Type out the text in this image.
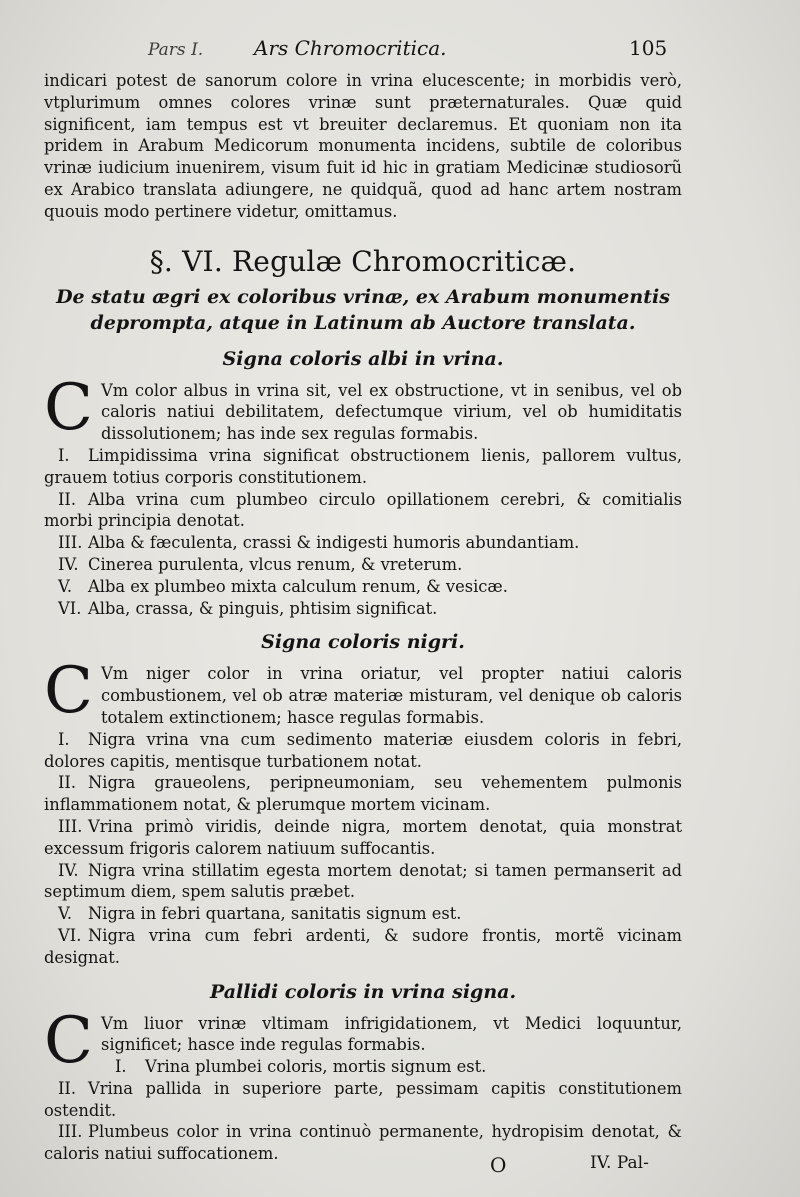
Pars I.	Ars Chromocritica.	105

indicari potest de sanorum colore in vrina elucescente; in morbidis verò, vtplurimum omnes colores vrinæ sunt præternaturales. Quæ quid significent, iam tempus est vt breuiter declaremus. Et quoniam non ita pridem in Arabum Medicorum monumenta incidens, subtile de coloribus vrinæ iudicium inuenirem, visum fuit id hic in gratiam Medicinæ studiosorũ ex Arabico translata adiungere, ne quidquã, quod ad hanc artem nostram quouis modo pertinere videtur, omittamus.

§. VI. Regulæ Chromocriticæ.
De statu ægri ex coloribus vrinæ, ex Arabum monumentis
deprompta, atque in Latinum ab Auctore translata.
Signa coloris albi in vrina.

C Vm color albus in vrina sit, vel ex obstructione, vt in senibus, vel ob caloris natiui debilitatem, defectumque virium, vel ob humiditatis dissolutionem; has inde sex regulas formabis.

I. Limpidissima vrina significat obstructionem lienis, pallorem vultus, grauem totius corporis constitutionem.

II. Alba vrina cum plumbeo circulo opillationem cerebri, & comitialis morbi principia denotat.

III. Alba & fæculenta, crassi & indigesti humoris abundantiam.

IV. Cinerea purulenta, vlcus renum, & vreterum.

V. Alba ex plumbeo mixta calculum renum, & vesicæ.

VI. Alba, crassa, & pinguis, phtisim significat.

Signa coloris nigri.

C Vm niger color in vrina oriatur, vel propter natiui caloris combustionem, vel ob atræ materiæ misturam, vel denique ob caloris totalem extinctionem; hasce regulas formabis.

I. Nigra vrina vna cum sedimento materiæ eiusdem coloris in febri, dolores capitis, mentisque turbationem notat.

II. Nigra graueolens, peripneumoniam, seu vehementem pulmonis inflammationem notat, & plerumque mortem vicinam.

III. Vrina primò viridis, deinde nigra, mortem denotat, quia monstrat excessum frigoris calorem natiuum suffocantis.

IV. Nigra vrina stillatim egesta mortem denotat; si tamen permanserit ad septimum diem, spem salutis præbet.

V. Nigra in febri quartana, sanitatis signum est.

VI. Nigra vrina cum febri ardenti, & sudore frontis, mortẽ vicinam designat.

Pallidi coloris in vrina signa.

C Vm liuor vrinæ vltimam infrigidationem, vt Medici loquuntur, significet; hasce inde regulas formabis.

I. Vrina plumbei coloris, mortis signum est.

II. Vrina pallida in superiore parte, pessimam capitis constitutionem ostendit.

III. Plumbeus color in vrina continuò permanente, hydropisim denotat, & caloris natiui suffocationem.	O	IV. Pal-
